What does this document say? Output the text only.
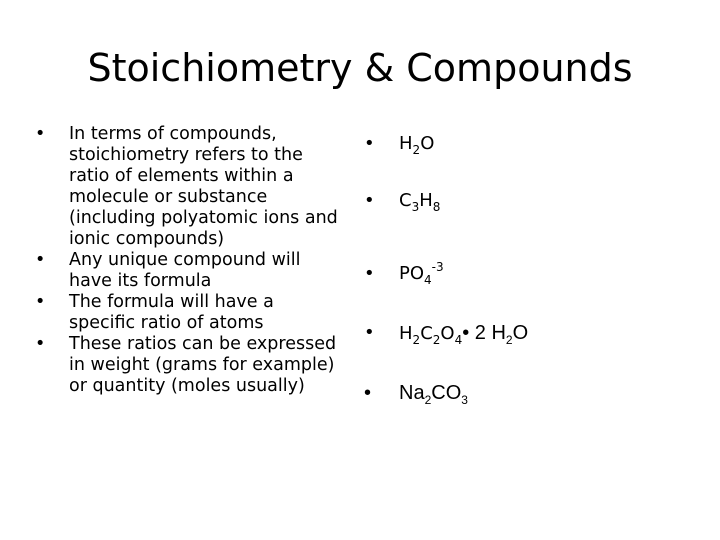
Stoichiometry & Compounds
• In terms of compounds, stoichiometry refers to the ratio of elements within a molecule or substance (including polyatomic ions and ionic compounds)
• Any unique compound will have its formula
• The formula will have a specific ratio of atoms
• These ratios can be expressed in weight (grams for example) or quantity (moles usually)
• $H_2O$
• $C_3H_8$
• $PO_4^{-3}$
• $H_2C_2O_4•$ 2 $H_2O$
• $Na_2CO_3$
